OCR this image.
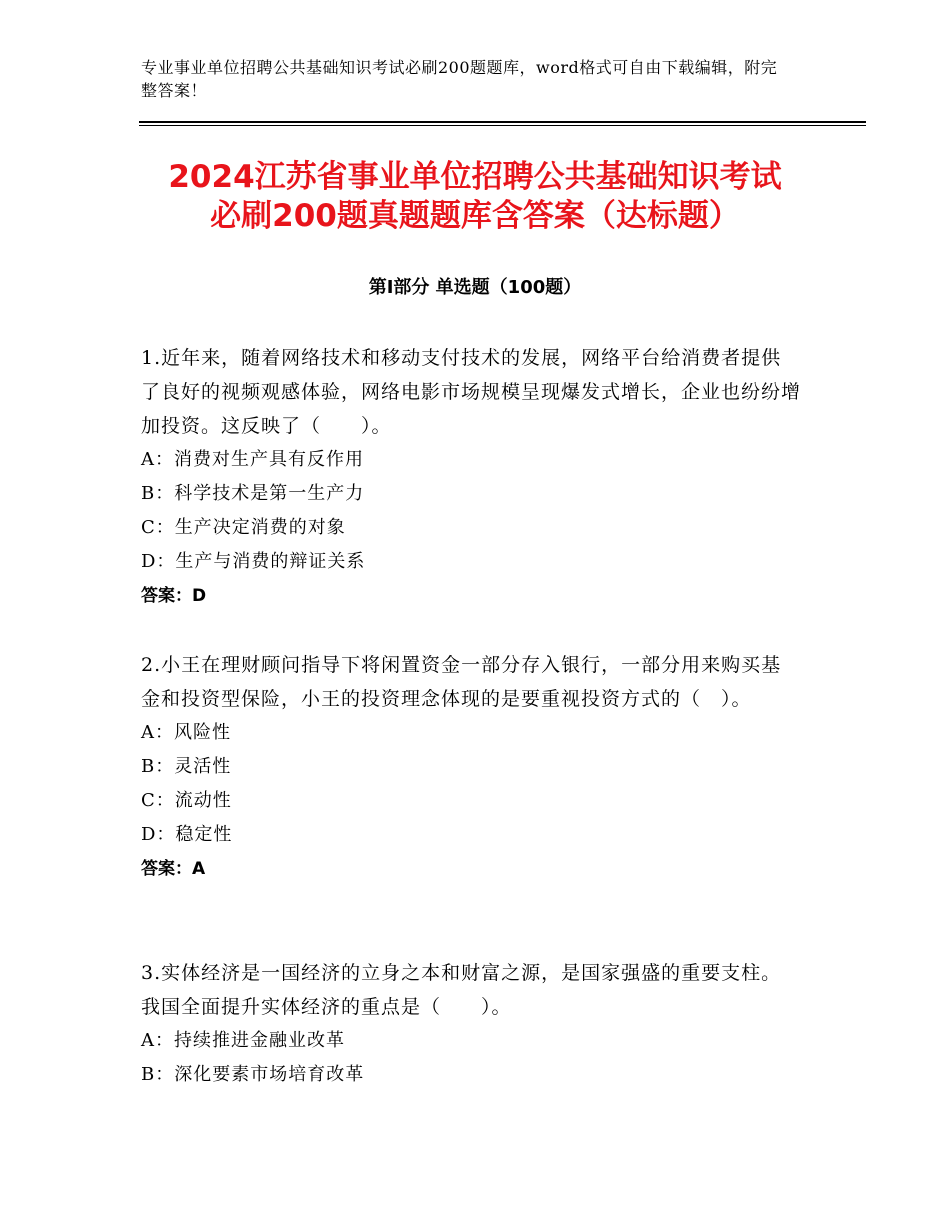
专业事业单位招聘公共基础知识考试必刷200题题库，word格式可自由下载编辑，附完整答案！
2024江苏省事业单位招聘公共基础知识考试
必刷200题真题题库含答案（达标题）
第Ⅰ部分 单选题（100题）

1.近年来，随着网络技术和移动支付技术的发展，网络平台给消费者提供了良好的视频观感体验，网络电影市场规模呈现爆发式增长，企业也纷纷增加投资。这反映了（　　）。

A：消费对生产具有反作用

B：科学技术是第一生产力

C：生产决定消费的对象

D：生产与消费的辩证关系

答案：D

2.小王在理财顾问指导下将闲置资金一部分存入银行，一部分用来购买基金和投资型保险，小王的投资理念体现的是要重视投资方式的（　）。

A：风险性

B：灵活性

C：流动性

D：稳定性

答案：A

3.实体经济是一国经济的立身之本和财富之源，是国家强盛的重要支柱。我国全面提升实体经济的重点是（　　）。

A：持续推进金融业改革

B：深化要素市场培育改革
